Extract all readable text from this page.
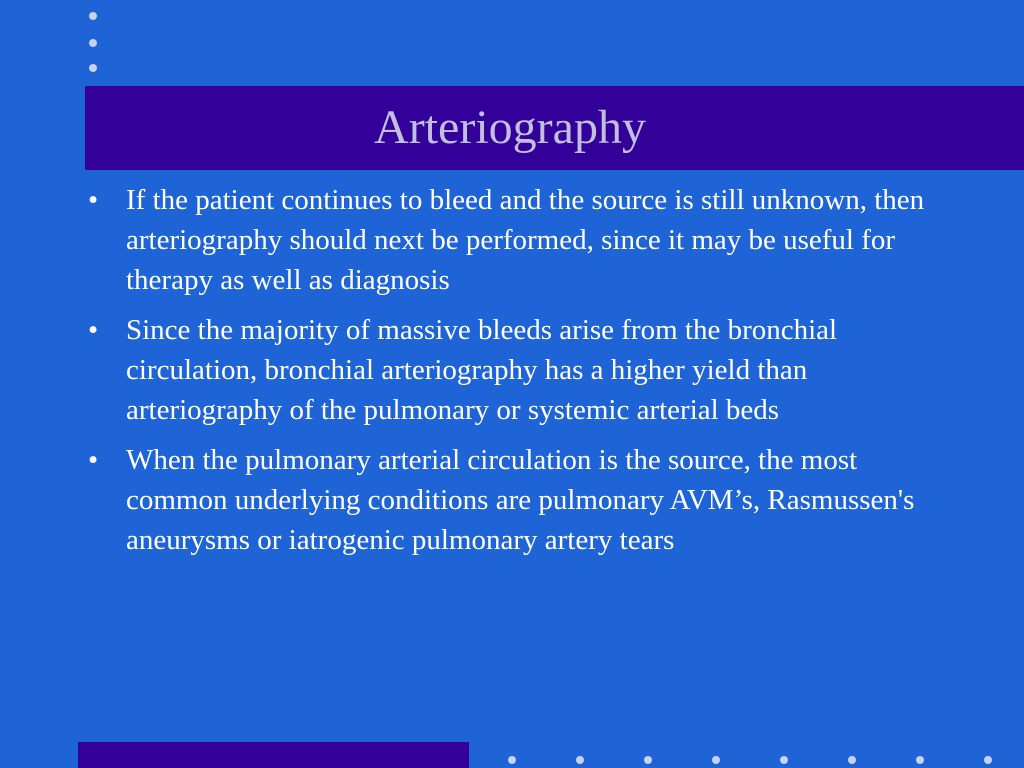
Arteriography
• If the patient continues to bleed and the source is still unknown, then arteriography should next be performed, since it may be useful for therapy as well as diagnosis
• Since the majority of massive bleeds arise from the bronchial circulation, bronchial arteriography has a higher yield than arteriography of the pulmonary or systemic arterial beds
• When the pulmonary arterial circulation is the source, the most common underlying conditions are pulmonary AVM’s, Rasmussen's aneurysms or iatrogenic pulmonary artery tears
